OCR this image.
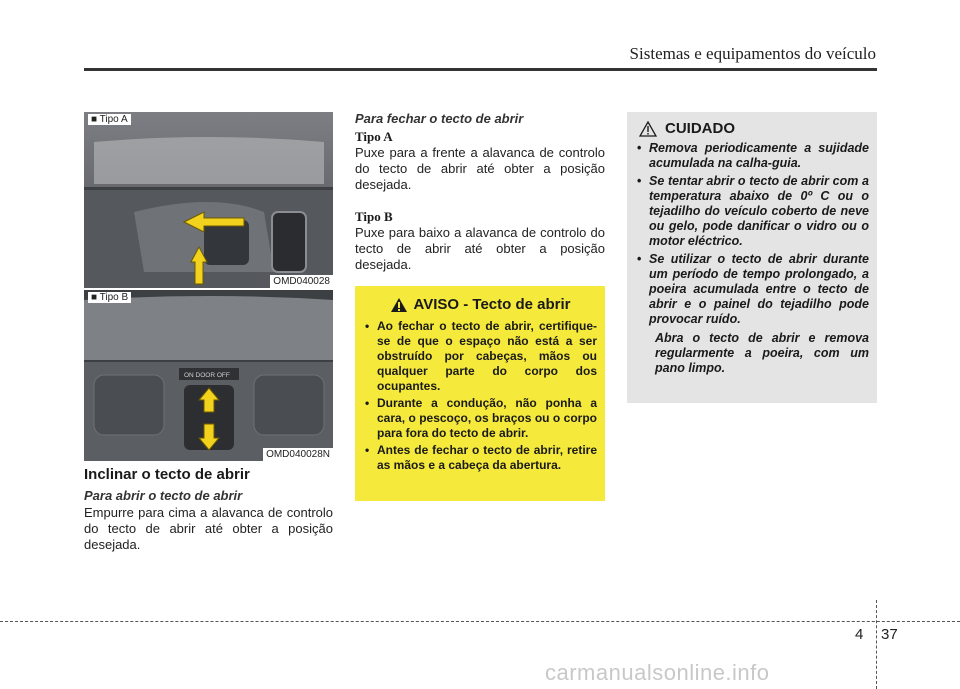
Sistemas e equipamentos do veículo
■ Tipo A
OMD040028
■ Tipo B
ON DOOR OFF
OMD040028N
Inclinar o tecto de abrir
Para abrir o tecto de abrir
Empurre para cima a alavanca de controlo do tecto de abrir até obter a posição desejada.
Para fechar o tecto de abrir
Tipo A
Puxe para a frente a alavanca de controlo do tecto de abrir até obter a posição desejada.
Tipo B
Puxe para baixo a alavanca de controlo do tecto de abrir até obter a posição desejada.
AVISO - Tecto de abrir
• Ao fechar o tecto de abrir, certifique-se de que o espaço não está a ser obstruído por cabeças, mãos ou qualquer parte do corpo dos ocupantes.
• Durante a condução, não ponha a cara, o pescoço, os braços ou o corpo para fora do tecto de abrir.
• Antes de fechar o tecto de abrir, retire as mãos e a cabeça da abertura.
CUIDADO
• Remova periodicamente a sujidade acumulada na calha-guia.
• Se tentar abrir o tecto de abrir com a temperatura abaixo de 0º C ou o tejadilho do veículo coberto de neve ou gelo, pode danificar o vidro ou o motor eléctrico.
• Se utilizar o tecto de abrir durante um período de tempo prolongado, a poeira acumulada entre o tecto de abrir e o painel do tejadilho pode provocar ruído.
Abra o tecto de abrir e remova regularmente a poeira, com um pano limpo.
4 37
carmanualsonline.info
